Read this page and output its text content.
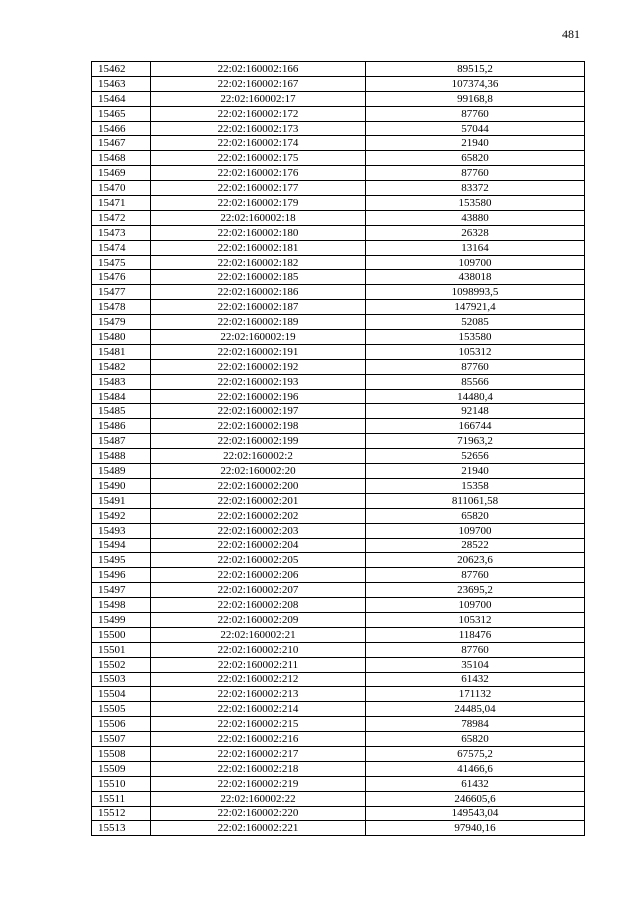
481
15462	22:02:160002:166	89515,2
15463	22:02:160002:167	107374,36
15464	22:02:160002:17	99168,8
15465	22:02:160002:172	87760
15466	22:02:160002:173	57044
15467	22:02:160002:174	21940
15468	22:02:160002:175	65820
15469	22:02:160002:176	87760
15470	22:02:160002:177	83372
15471	22:02:160002:179	153580
15472	22:02:160002:18	43880
15473	22:02:160002:180	26328
15474	22:02:160002:181	13164
15475	22:02:160002:182	109700
15476	22:02:160002:185	438018
15477	22:02:160002:186	1098993,5
15478	22:02:160002:187	147921,4
15479	22:02:160002:189	52085
15480	22:02:160002:19	153580
15481	22:02:160002:191	105312
15482	22:02:160002:192	87760
15483	22:02:160002:193	85566
15484	22:02:160002:196	14480,4
15485	22:02:160002:197	92148
15486	22:02:160002:198	166744
15487	22:02:160002:199	71963,2
15488	22:02:160002:2	52656
15489	22:02:160002:20	21940
15490	22:02:160002:200	15358
15491	22:02:160002:201	811061,58
15492	22:02:160002:202	65820
15493	22:02:160002:203	109700
15494	22:02:160002:204	28522
15495	22:02:160002:205	20623,6
15496	22:02:160002:206	87760
15497	22:02:160002:207	23695,2
15498	22:02:160002:208	109700
15499	22:02:160002:209	105312
15500	22:02:160002:21	118476
15501	22:02:160002:210	87760
15502	22:02:160002:211	35104
15503	22:02:160002:212	61432
15504	22:02:160002:213	171132
15505	22:02:160002:214	24485,04
15506	22:02:160002:215	78984
15507	22:02:160002:216	65820
15508	22:02:160002:217	67575,2
15509	22:02:160002:218	41466,6
15510	22:02:160002:219	61432
15511	22:02:160002:22	246605,6
15512	22:02:160002:220	149543,04
15513	22:02:160002:221	97940,16
